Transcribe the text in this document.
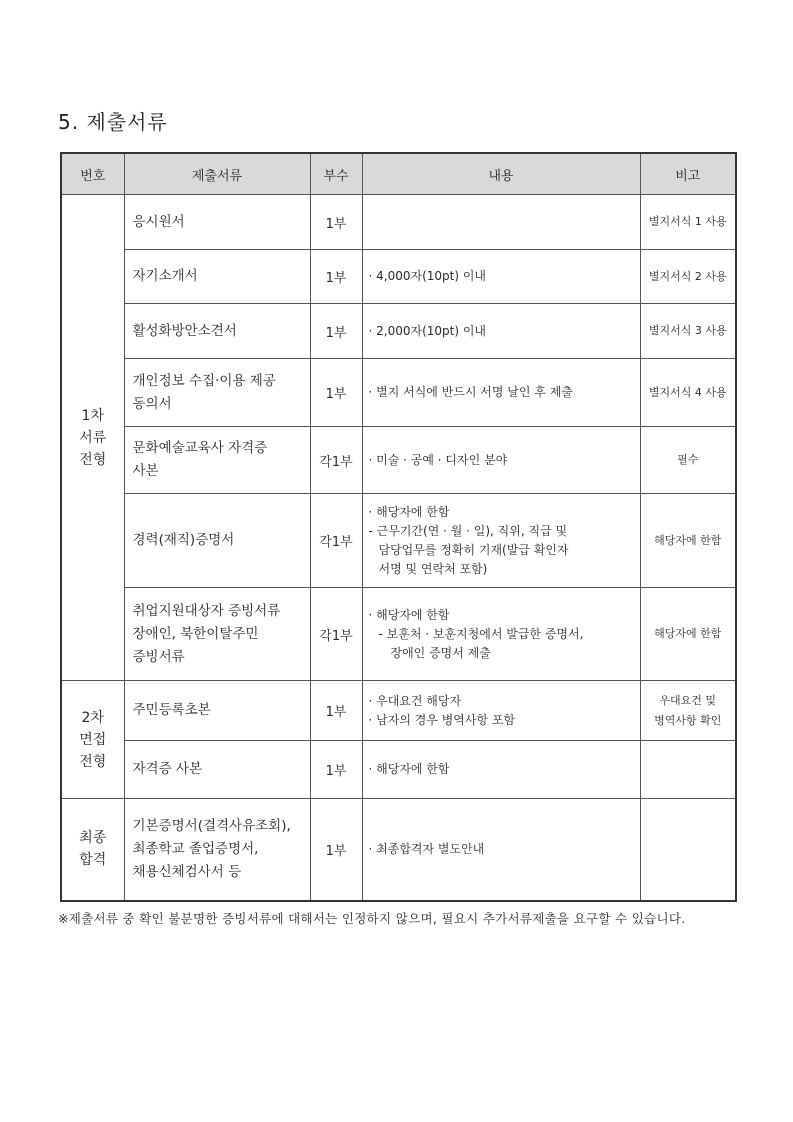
5. 제출서류
번호	제출서류	부수	내용	비고

1차
서류
전형	응시원서	1부		별지서식 1 사용

	자기소개서	1부	· 4,000자(10pt) 이내	별지서식 2 사용

	활성화방안소견서	1부	· 2,000자(10pt) 이내	별지서식 3 사용

	개인정보 수집·이용 제공
동의서	1부	· 별지 서식에 반드시 서명 날인 후 제출	별지서식 4 사용

	문화예술교육사 자격증
사본	각1부	· 미술 · 공예 · 디자인 분야	필수

	경력(재직)증명서	각1부	· 해당자에 한함
- 근무기간(연 · 월 · 일), 직위, 직급 및
담당업무를 정확히 기재(발급 확인자
서명 및 연락처 포함)	해당자에 한함

	취업지원대상자 증빙서류
장애인, 북한이탈주민
증빙서류	각1부	· 해당자에 한함
- 보훈처 · 보훈지청에서 발급한 증명서,
장애인 증명서 제출	해당자에 한함

2차
면접
전형	주민등록초본	1부	· 우대요건 해당자
· 남자의 경우 병역사항 포함	우대요건 및
병역사항 확인

	자격증 사본	1부	· 해당자에 한함	

최종
합격	기본증명서(결격사유조회),
최종학교 졸업증명서,
채용신체검사서 등	1부	· 최종합격자 별도안내	

※제출서류 중 확인 불분명한 증빙서류에 대해서는 인정하지 않으며, 필요시 추가서류제출을 요구할 수 있습니다.
